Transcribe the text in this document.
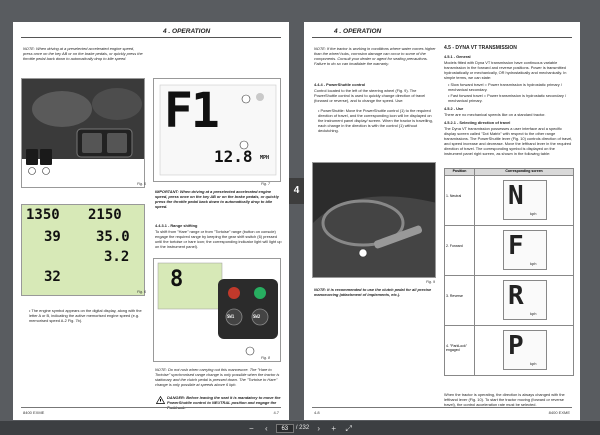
4 . OPERATION
NOTE: When driving at a preselected accelerated engine speed, press once on the key AB or on the brake pedals, or quickly press the throttle pedal back down to automatically drop to idle speed.
Fig. 5
F1
12.8 MPH
Fig. 7
IMPORTANT: When driving at a preselected accelerated engine speed, press once on the key AB or on the brake pedals, or quickly press the throttle pedal back down to automatically drop to idle speed.
1350 2150
39	35.0
3.2
32
Fig. 6
4.4.3.1 - Range shifting
To shift from "Hare" range or from "Tortoise" range (button on console) engage the required range by keeping the gear shift switch (6) pressed until the tortoise or hare icon; the corresponding indicator light will light up on the instrument panel).
8
SW1	SW2
Fig. 8
• The engine symbol appears on the digital display, along with the letter A or B, indicating the active memorised engine speed (e.g. memorised speed A-2 Fig. 7b).
NOTE: Do not rush when carrying out this manoeuvre. The "Hare to Tortoise" synchronised range change is only possible when the tractor is stationary and the clutch pedal is pressed down. The "Tortoise to Hare" change is only possible at speeds above 6 kph.
DANGER: Before leaving the seat it is mandatory to move the PowerShuttle control to NEUTRAL position and engage the ParkLock.
8400 EXME	4.7
4
4 . OPERATION
NOTE: If the tractor is working in conditions where water comes higher than the wheel hubs, corrosion damage can occur to some of the components. Consult your dealer or agent for sealing precautions. Failure to do so can invalidate the warranty.
4.4.4 - PowerShuttle control
Control located to the left of the steering wheel (Fig. 9). The PowerShuttle control is used to quickly change direction of travel (forward or reverse), and to change the speed. Use:
• PowerShuttle: Move the PowerShuttle control (1) to the required direction of travel, and the corresponding icon will be displayed on the instrument panel display/ screen. When the tractor is travelling, each change in the direction is with the control (1) without declutching.
Fig. 9
NOTE: It is recommended to use the clutch pedal for all precise manoeuvring (attachment of implements, etc.).
4.5 - DYNA VT TRANSMISSION
4.5.1 - General
Models fitted with Dyna VT transmission have continuous variable transmission in the forward and reverse positions. Power is transmitted hydrostatically or mechanically, OR hydrostatically and mechanically. In simple terms, we can state:
• Slow forward travel = Power transmission is hydrostatic primary / mechanical secondary.
• Fast forward travel = Power transmission is hydrostatic secondary / mechanical primary.
4.5.2 - Use
There are no mechanical speeds like on a standard tractor.
4.5.2.1 - Selecting direction of travel
The Dyna VT transmission possesses a user interface and a specific display screen called "Dot Matrix" with respect to the other range transmissions. The PowerShuttle lever (Fig. 10) controls direction of travel, and speed increase and decrease. Move the lefthand lever in the required direction of travel. The corresponding symbol is displayed on the instrument panel right screen, as shown in the following table:
Position	Corresponding screen
1. Neutral	N
kph

2. Forward	F
kph

3. Reverse	R
kph

4. "ParkLock" engaged	P
kph
When the tractor is operating, the direction is always changed with the lefthand lever (Fig. 10). To start the tractor moving (forward or reverse travel), the control acceleration rate must be selected.
4.8	8400 EXME
−	‹	63	/ 232	›	+	⤢
